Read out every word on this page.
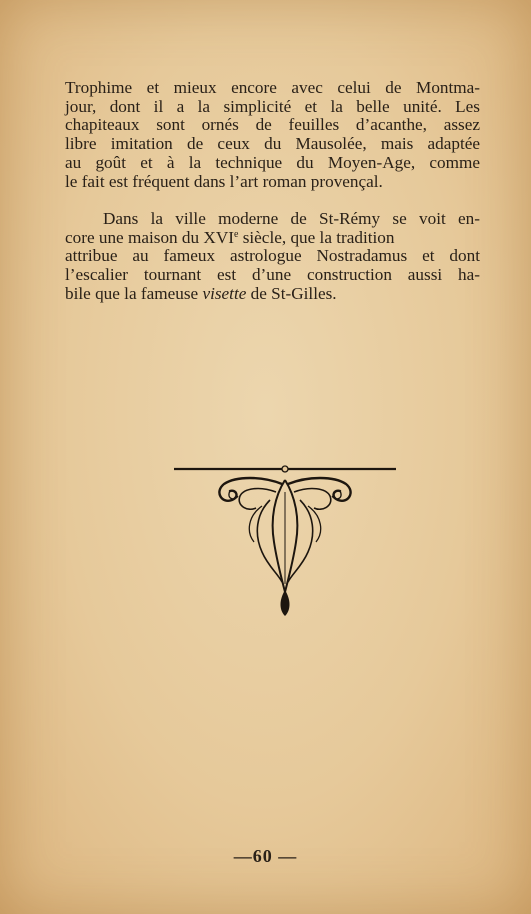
Trophime et mieux encore avec celui de Montma-
jour, dont il a la simplicité et la belle unité. Les
chapiteaux sont ornés de feuilles d’acanthe, assez
libre imitation de ceux du Mausolée, mais adaptée
au goût et à la technique du Moyen-Age, comme
le fait est fréquent dans l’art roman provençal.
Dans la ville moderne de St-Rémy se voit en-
core une maison du XVIe siècle, que la tradition
attribue au fameux astrologue Nostradamus et dont
l’escalier tournant est d’une construction aussi ha-
bile que la fameuse visette de St-Gilles.
—60 —
